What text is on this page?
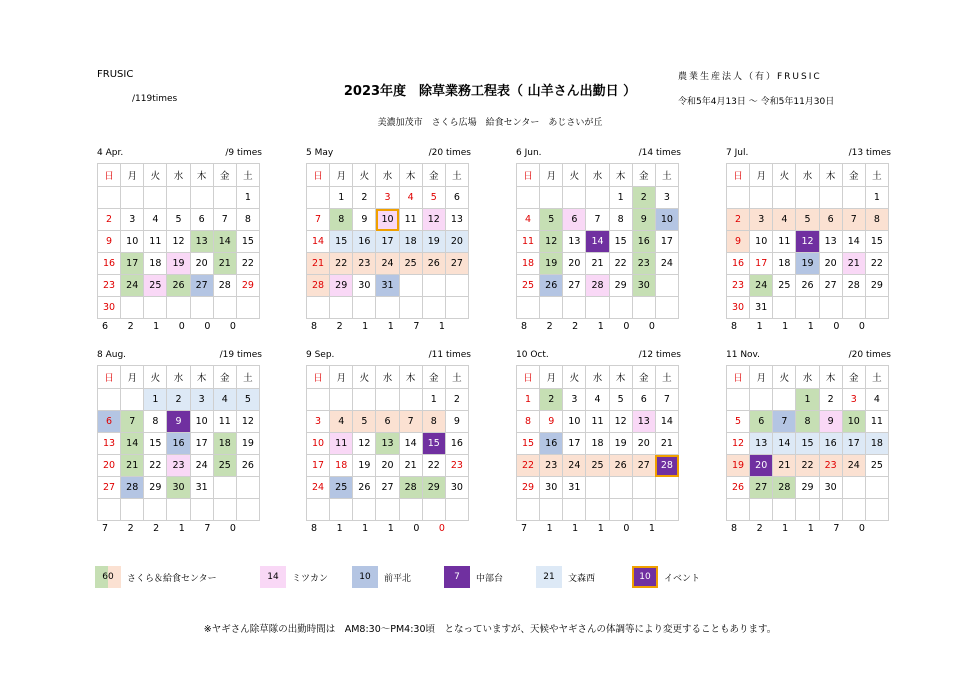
FRUSIC
/119times	2023年度　除草業務工程表（ 山羊さん出勤日 ）
美濃加茂市　さくら広場　給食センター　あじさいが丘
農業生産法人（有）FRUSIC
令和5年4月13日 ～ 令和5年11月30日
4 Apr.	/9 times
日	月	火	水	木	金	土
						1
2	3	4	5	6	7	8
9	10	11	12	13	14	15
16	17	18	19	20	21	22
23	24	25	26	27	28	29
30						
6 2 1 0 0 0
5 May	/20 times
日	月	火	水	木	金	土
	1	2	3	4	5	6
7	8	9	10	11	12	13
14	15	16	17	18	19	20
21	22	23	24	25	26	27
28	29	30	31			

8 2 1 1 7 1
6 Jun.	/14 times
日	月	火	水	木	金	土
				1	2	3
4	5	6	7	8	9	10
11	12	13	14	15	16	17
18	19	20	21	22	23	24
25	26	27	28	29	30	

8 2 2 1 0 0
7 Jul.	/13 times
日	月	火	水	木	金	土
						1
2	3	4	5	6	7	8
9	10	11	12	13	14	15
16	17	18	19	20	21	22
23	24	25	26	27	28	29
30	31					
8 1 1 1 0 0
8 Aug.	/19 times
日	月	火	水	木	金	土
		1	2	3	4	5
6	7	8	9	10	11	12
13	14	15	16	17	18	19
20	21	22	23	24	25	26
27	28	29	30	31		

7 2 2 1 7 0
9 Sep.	/11 times
日	月	火	水	木	金	土
					1	2
3	4	5	6	7	8	9
10	11	12	13	14	15	16
17	18	19	20	21	22	23
24	25	26	27	28	29	30

8 1 1 1 0 0
10 Oct.	/12 times
日	月	火	水	木	金	土
1	2	3	4	5	6	7
8	9	10	11	12	13	14
15	16	17	18	19	20	21
22	23	24	25	26	27	28
29	30	31				

7 1 1 1 0 1
11 Nov.	/20 times
日	月	火	水	木	金	土
			1	2	3	4
5	6	7	8	9	10	11
12	13	14	15	16	17	18
19	20	21	22	23	24	25
26	27	28	29	30		

8 2 1 1 7 0
60	さくら＆給食センター	14	ミツカン	10	前平北	7	中部台	21	文森西	10	イベント
※ヤギさん除草隊の出勤時間は　AM8:30～PM4:30頃　となっていますが、天候やヤギさんの体調等により変更することもあります。
